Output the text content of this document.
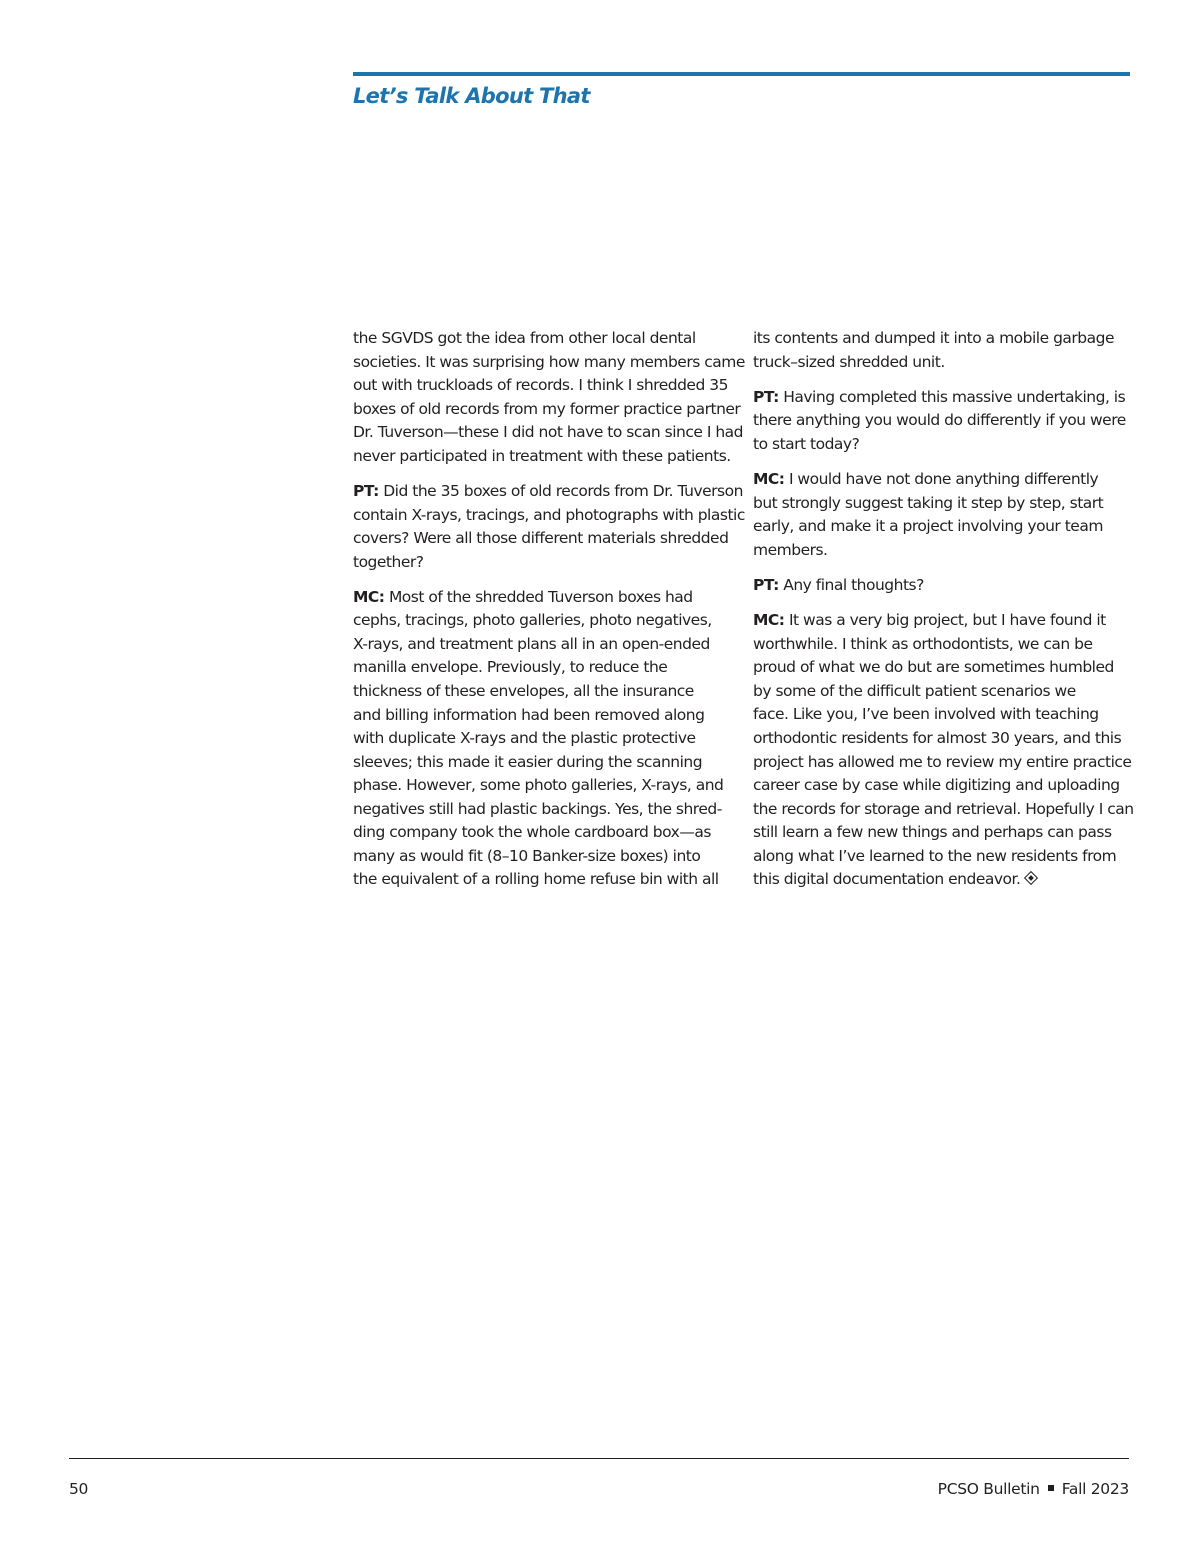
Let’s Talk About That
the SGVDS got the idea from other local dental
societies. It was surprising how many members came
out with truckloads of records. I think I shredded 35
boxes of old records from my former practice partner
Dr. Tuverson—these I did not have to scan since I had
never participated in treatment with these patients.
PT: Did the 35 boxes of old records from Dr. Tuverson
contain X-rays, tracings, and photographs with plastic
covers? Were all those different materials shredded
together?
MC: Most of the shredded Tuverson boxes had
cephs, tracings, photo galleries, photo negatives,
X-rays, and treatment plans all in an open-ended
manilla envelope. Previously, to reduce the
thickness of these envelopes, all the insurance
and billing information had been removed along
with duplicate X-rays and the plastic protective
sleeves; this made it easier during the scanning
phase. However, some photo galleries, X-rays, and
negatives still had plastic backings. Yes, the shred-
ding company took the whole cardboard box—as
many as would fit (8–10 Banker-size boxes) into
the equivalent of a rolling home refuse bin with all
its contents and dumped it into a mobile garbage
truck–sized shredded unit.
PT: Having completed this massive undertaking, is
there anything you would do differently if you were
to start today?
MC: I would have not done anything differently
but strongly suggest taking it step by step, start
early, and make it a project involving your team
members.
PT: Any final thoughts?
MC: It was a very big project, but I have found it
worthwhile. I think as orthodontists, we can be
proud of what we do but are sometimes humbled
by some of the difficult patient scenarios we
face. Like you, I’ve been involved with teaching
orthodontic residents for almost 30 years, and this
project has allowed me to review my entire practice
career case by case while digitizing and uploading
the records for storage and retrieval. Hopefully I can
still learn a few new things and perhaps can pass
along what I’ve learned to the new residents from
this digital documentation endeavor.
50	PCSO Bulletin Fall 2023
